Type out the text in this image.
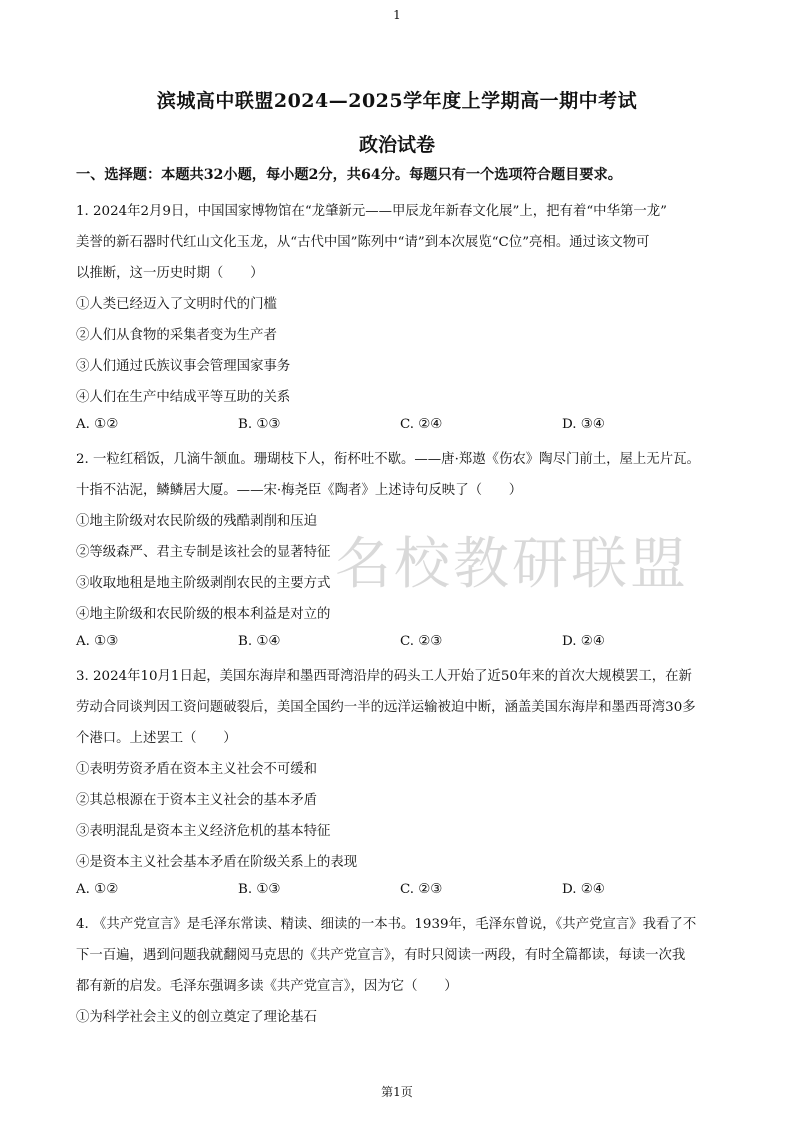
1
滨城高中联盟2024—2025学年度上学期高一期中考试
政治试卷
一、选择题：本题共32小题，每小题2分，共64分。每题只有一个选项符合题目要求。
名校教研联盟
1. 2024年2月9日，中国国家博物馆在“龙肇新元——甲辰龙年新春文化展”上，把有着“中华第一龙”
美誉的新石器时代红山文化玉龙，从“古代中国”陈列中“请”到本次展览“C位”亮相。通过该文物可
以推断，这一历史时期（　　）
①人类已经迈入了文明时代的门槛
②人们从食物的采集者变为生产者
③人们通过氏族议事会管理国家事务
④人们在生产中结成平等互助的关系
A. ①②	B. ①③	C. ②④	D. ③④
2. 一粒红稻饭，几滴牛颔血。珊瑚枝下人，衔杯吐不歇。——唐·郑遨《伤农》陶尽门前土，屋上无片瓦。
十指不沾泥，鳞鳞居大厦。——宋·梅尧臣《陶者》上述诗句反映了（　　）
①地主阶级对农民阶级的残酷剥削和压迫
②等级森严、君主专制是该社会的显著特征
③收取地租是地主阶级剥削农民的主要方式
④地主阶级和农民阶级的根本利益是对立的
A. ①③	B. ①④	C. ②③	D. ②④
3. 2024年10月1日起，美国东海岸和墨西哥湾沿岸的码头工人开始了近50年来的首次大规模罢工，在新
劳动合同谈判因工资问题破裂后，美国全国约一半的远洋运输被迫中断，涵盖美国东海岸和墨西哥湾30多
个港口。上述罢工（　　）
①表明劳资矛盾在资本主义社会不可缓和
②其总根源在于资本主义社会的基本矛盾
③表明混乱是资本主义经济危机的基本特征
④是资本主义社会基本矛盾在阶级关系上的表现
A. ①②	B. ①③	C. ②③	D. ②④
4. 《共产党宣言》是毛泽东常读、精读、细读的一本书。1939年，毛泽东曾说，《共产党宣言》我看了不
下一百遍，遇到问题我就翻阅马克思的《共产党宣言》，有时只阅读一两段，有时全篇都读，每读一次我
都有新的启发。毛泽东强调多读《共产党宣言》，因为它（　　）
①为科学社会主义的创立奠定了理论基石
第1页
